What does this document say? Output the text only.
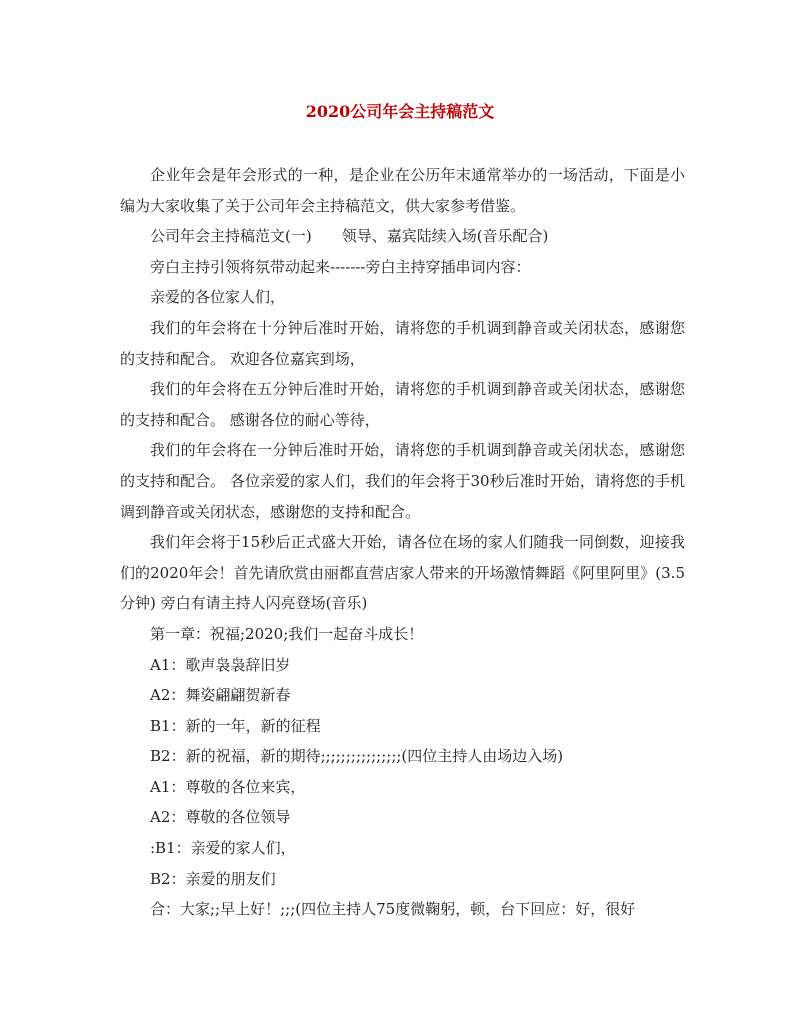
2020公司年会主持稿范文

企业年会是年会形式的一种，是企业在公历年末通常举办的一场活动，下面是小编为大家收集了关于公司年会主持稿范文，供大家参考借鉴。

公司年会主持稿范文(一)　　领导、嘉宾陆续入场(音乐配合)

旁白主持引领将氛带动起来-------旁白主持穿插串词内容：

亲爱的各位家人们，

我们的年会将在十分钟后准时开始，请将您的手机调到静音或关闭状态，感谢您的支持和配合。 欢迎各位嘉宾到场，

我们的年会将在五分钟后准时开始，请将您的手机调到静音或关闭状态，感谢您的支持和配合。 感谢各位的耐心等待，

我们的年会将在一分钟后准时开始，请将您的手机调到静音或关闭状态，感谢您的支持和配合。 各位亲爱的家人们，我们的年会将于30秒后准时开始，请将您的手机调到静音或关闭状态，感谢您的支持和配合。

我们年会将于15秒后正式盛大开始，请各位在场的家人们随我一同倒数，迎接我们的2020年会！首先请欣赏由丽都直营店家人带来的开场激情舞蹈《阿里阿里》(3.5分钟) 旁白有请主持人闪亮登场(音乐)

第一章：祝福;2020;我们一起奋斗成长！

A1：歌声袅袅辞旧岁

A2：舞姿翩翩贺新春

B1：新的一年，新的征程

B2：新的祝福，新的期待;;;;;;;;;;;;;;;;(四位主持人由场边入场)

A1：尊敬的各位来宾，

A2：尊敬的各位领导

:B1：亲爱的家人们，

B2：亲爱的朋友们

合：大家;;早上好！;;;(四位主持人75度微鞠躬，顿，台下回应：好，很好
